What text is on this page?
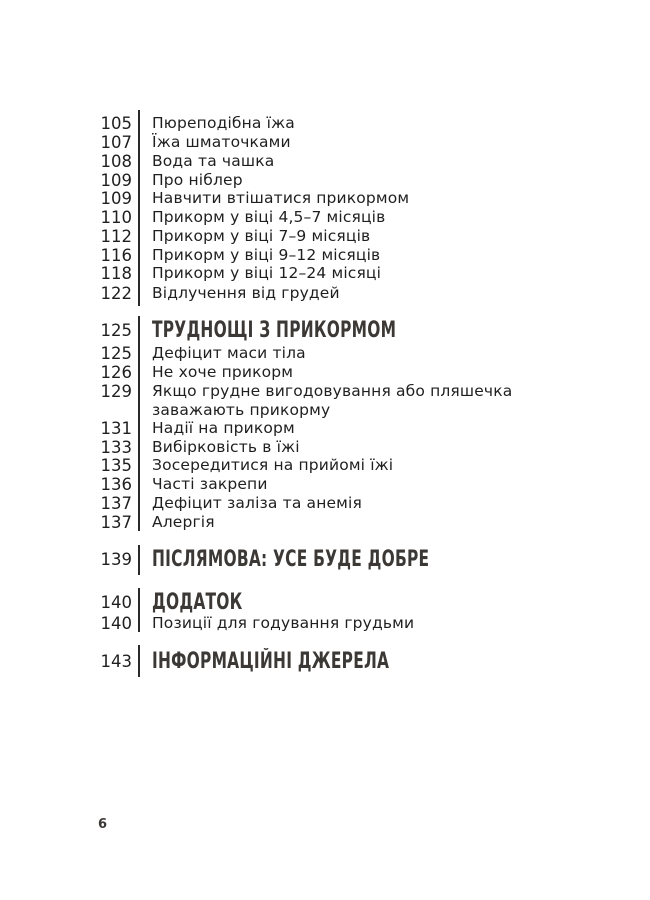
105 Пюреподібна їжа
107 Їжа шматочками
108 Вода та чашка
109 Про ніблер
109 Навчити втішатися прикормом
110 Прикорм у віці 4,5–7 місяців
112 Прикорм у віці 7–9 місяців
116 Прикорм у віці 9–12 місяців
118 Прикорм у віці 12–24 місяці
122 Відлучення від грудей
125 ТРУДНОЩІ З ПРИКОРМОМ
125 Дефіцит маси тіла
126 Не хоче прикорм
129 Якщо грудне вигодовування або пляшечка
заважають прикорму
131 Надії на прикорм
133 Вибірковість в їжі
135 Зосередитися на прийомі їжі
136 Часті закрепи
137 Дефіцит заліза та анемія
137 Алергія
139 ПІСЛЯМОВА: УСЕ БУДЕ ДОБРЕ
140 ДОДАТОК
140 Позиції для годування грудьми
143 ІНФОРМАЦІЙНІ ДЖЕРЕЛА
6
